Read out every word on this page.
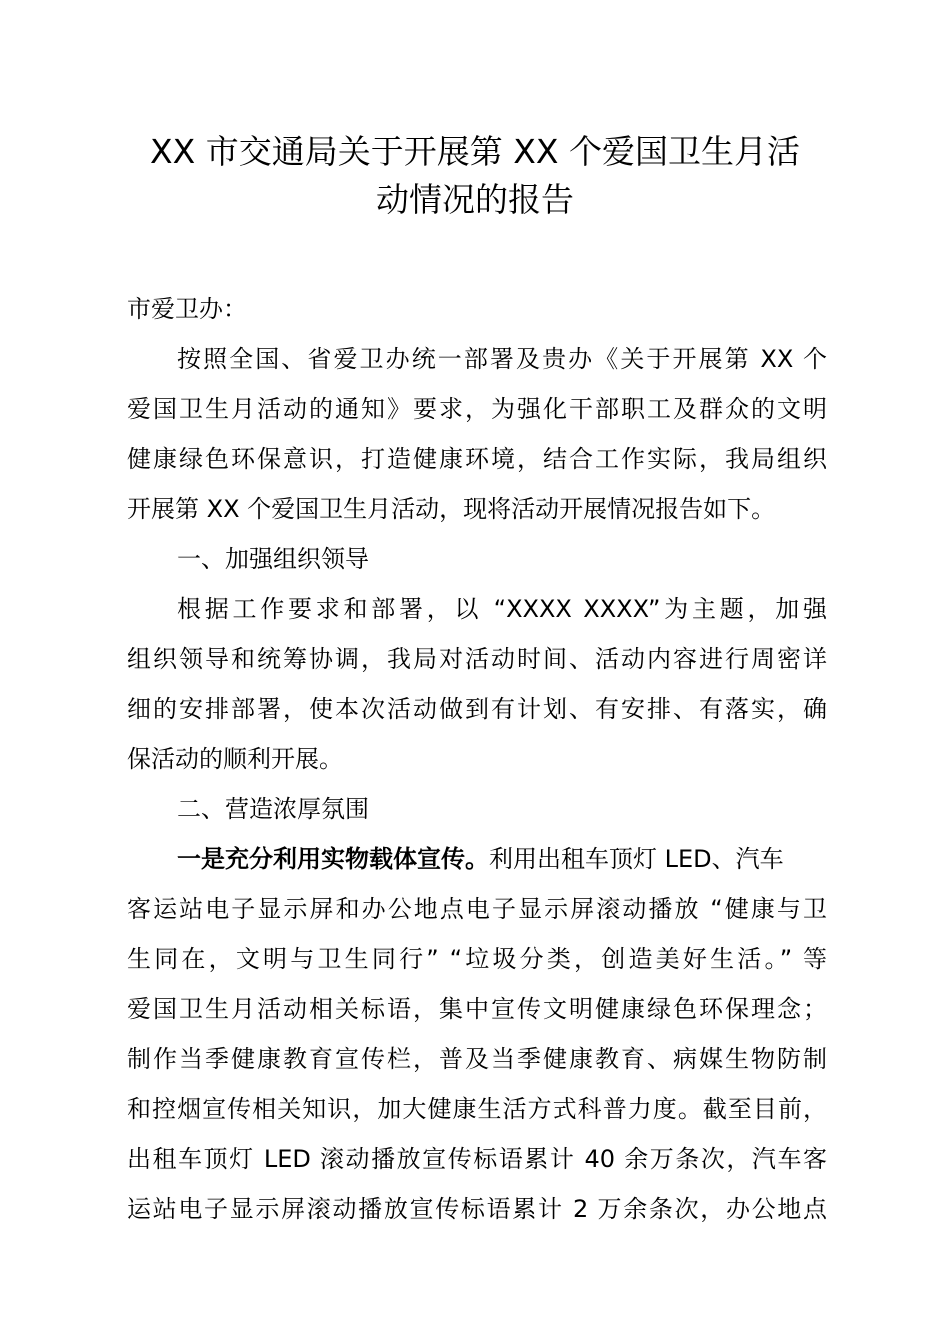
XX 市交通局关于开展第 XX 个爱国卫生月活
动情况的报告
市爱卫办：
按照全国、省爱卫办统一部署及贵办《关于开展第 XX 个
爱国卫生月活动的通知》要求，为强化干部职工及群众的文明
健康绿色环保意识，打造健康环境，结合工作实际，我局组织
开展第 XX 个爱国卫生月活动，现将活动开展情况报告如下。
一、加强组织领导
根据工作要求和部署，以 “XXXX XXXX”为主题，加强
组织领导和统筹协调，我局对活动时间、活动内容进行周密详
细的安排部署，使本次活动做到有计划、有安排、有落实，确
保活动的顺利开展。
二、营造浓厚氛围
一是充分利用实物载体宣传。利用出租车顶灯 LED、汽车
客运站电子显示屏和办公地点电子显示屏滚动播放 “健康与卫
生同在，文明与卫生同行” “垃圾分类，创造美好生活。” 等
爱国卫生月活动相关标语，集中宣传文明健康绿色环保理念；
制作当季健康教育宣传栏，普及当季健康教育、病媒生物防制
和控烟宣传相关知识，加大健康生活方式科普力度。截至目前，
出租车顶灯 LED 滚动播放宣传标语累计 40 余万条次，汽车客
运站电子显示屏滚动播放宣传标语累计 2 万余条次，办公地点
